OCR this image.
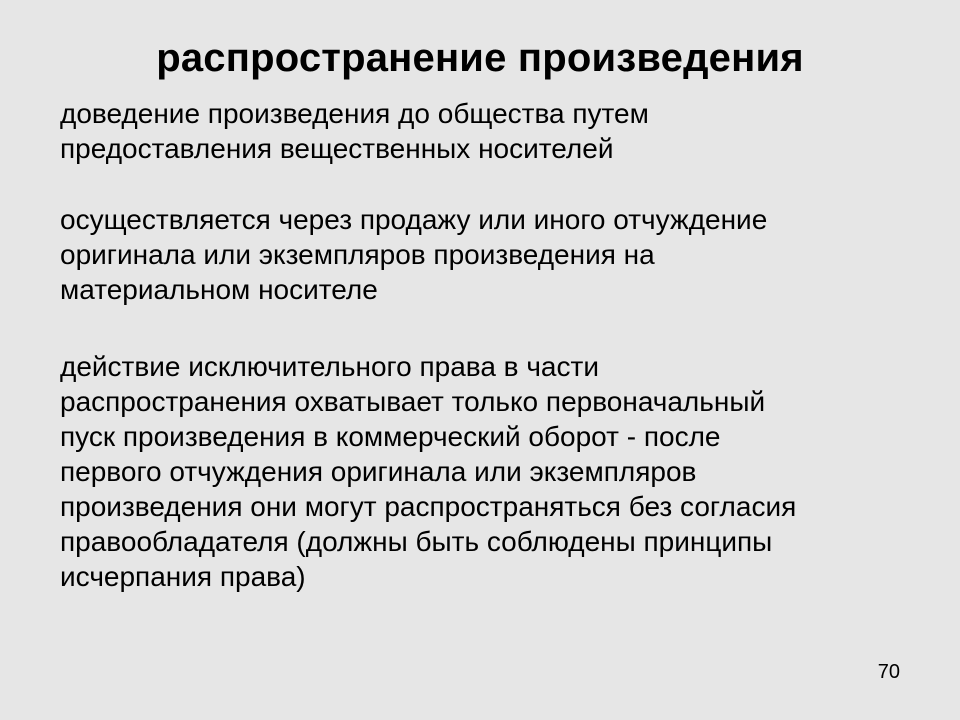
распространение произведения

доведение произведения до общества путем
предоставления вещественных носителей

осуществляется через продажу или иного отчуждение
оригинала или экземпляров произведения на
материальном носителе

действие исключительного права в части
распространения охватывает только первоначальный
пуск произведения в коммерческий оборот - после
первого отчуждения оригинала или экземпляров
произведения они могут распространяться без согласия
правообладателя (должны быть соблюдены принципы
исчерпания права)

70
